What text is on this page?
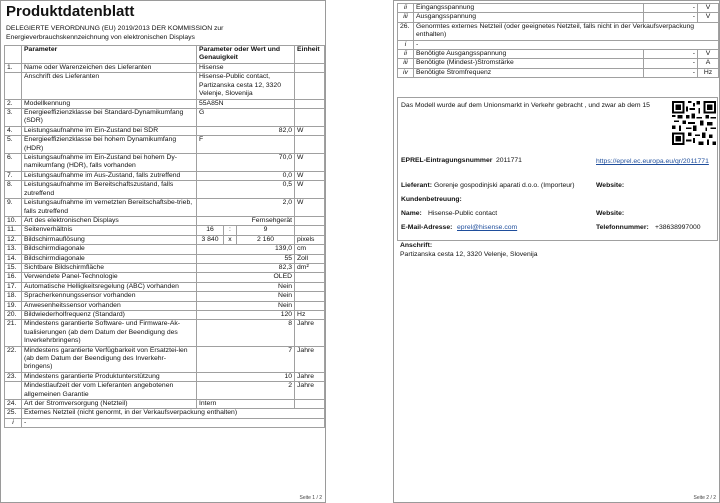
Produktdatenblatt
DELEGIERTE VERORDNUNG (EU) 2019/2013 DER KOMMISSION zur Energieverbrauchskennzeichnung von elektronischen Displays
	Parameter	Parameter oder Wert und Genauigkeit			Einheit
1.	Name oder Warenzeichen des Lieferanten	Hisense			
	Anschrift des Lieferanten	Hisense-Public contact, Partizanska cesta 12, 3320 Velenje, Slovenija			
2.	Modellkennung	55A85N			
3.	Energieeffizienzklasse bei Standard-Dynamikumfang (SDR)	G			
4.	Leistungsaufnahme im Ein-Zustand bei SDR	82,0			W
5.	Energieeffizienzklasse bei hohem Dynamikumfang (HDR)	F			
6.	Leistungsaufnahme im Ein-Zustand bei hohem Dy-namikumfang (HDR), falls vorhanden	70,0			W
7.	Leistungsaufnahme im Aus-Zustand, falls zutreffend	0,0			W
8.	Leistungsaufnahme im Bereitschaftszustand, falls zutreffend	0,5			W
9.	Leistungsaufnahme im vernetzten Bereitschaftsbe-trieb, falls zutreffend	2,0			W
10.	Art des elektronischen Displays	Fernsehgerät			
11.	Seitenverhältnis	16	:	9	
12.	Bildschirmauflösung	3 840	x	2 160	pixels
13.	Bildschirmdiagonale	139,0			cm
14.	Bildschirmdiagonale	55			Zoll
15.	Sichtbare Bildschirmfläche	82,3			dm²
16.	Verwendete Panel-Technologie	OLED			
17.	Automatische Helligkeitsregelung (ABC) vorhanden	Nein			
18.	Spracherkennungssensor vorhanden	Nein			
19.	Anwesenheitssensor vorhanden	Nein			
20.	Bildwiederholfrequenz (Standard)	120			Hz
21.	Mindestens garantierte Software- und Firmware-Ak-tualisierungen (ab dem Datum der Beendigung des Inverkehrbringens)	8			Jahre
22.	Mindestens garantierte Verfügbarkeit von Ersatztei-len (ab dem Datum der Beendigung des Inverkehr-bringens)	7			Jahre
23.	Mindestens garantierte Produktunterstützung	10			Jahre
	Mindestlaufzeit der vom Lieferanten angebotenen allgemeinen Garantie	2			Jahre
24.	Art der Stromversorgung (Netzteil)	Intern			
25.	Externes Netzteil (nicht genormt, in der Verkaufsverpackung enthalten)				
i	-				
Seite 1 / 2
ii	Eingangsspannung	-	V
iii	Ausgangsspannung	-	V
26.	Genormtes externes Netzteil (oder geeignetes Netzteil, falls nicht in der Verkaufsverpackung enthalten)		
i	-		
ii	Benötigte Ausgangsspannung	-	V
iii	Benötigte (Mindest-)Stromstärke	-	A
iv	Benötigte Stromfrequenz	-	Hz
Das Modell wurde auf dem Unionsmarkt in Verkehr gebracht , und zwar ab dem 15
EPREL-Eintragungsnummer 2011771	https://eprel.ec.europa.eu/qr/2011771
Lieferant: Gorenje gospodinjski aparati d.o.o. (Importeur)	Website:
Kundenbetreuung:
Name: Hisense-Public contact	Website:
E-Mail-Adresse: eprel@hisense.com	Telefonnummer: +38638997000
Anschrift:
Partizanska cesta 12, 3320 Velenje, Slovenija
Seite 2 / 2
